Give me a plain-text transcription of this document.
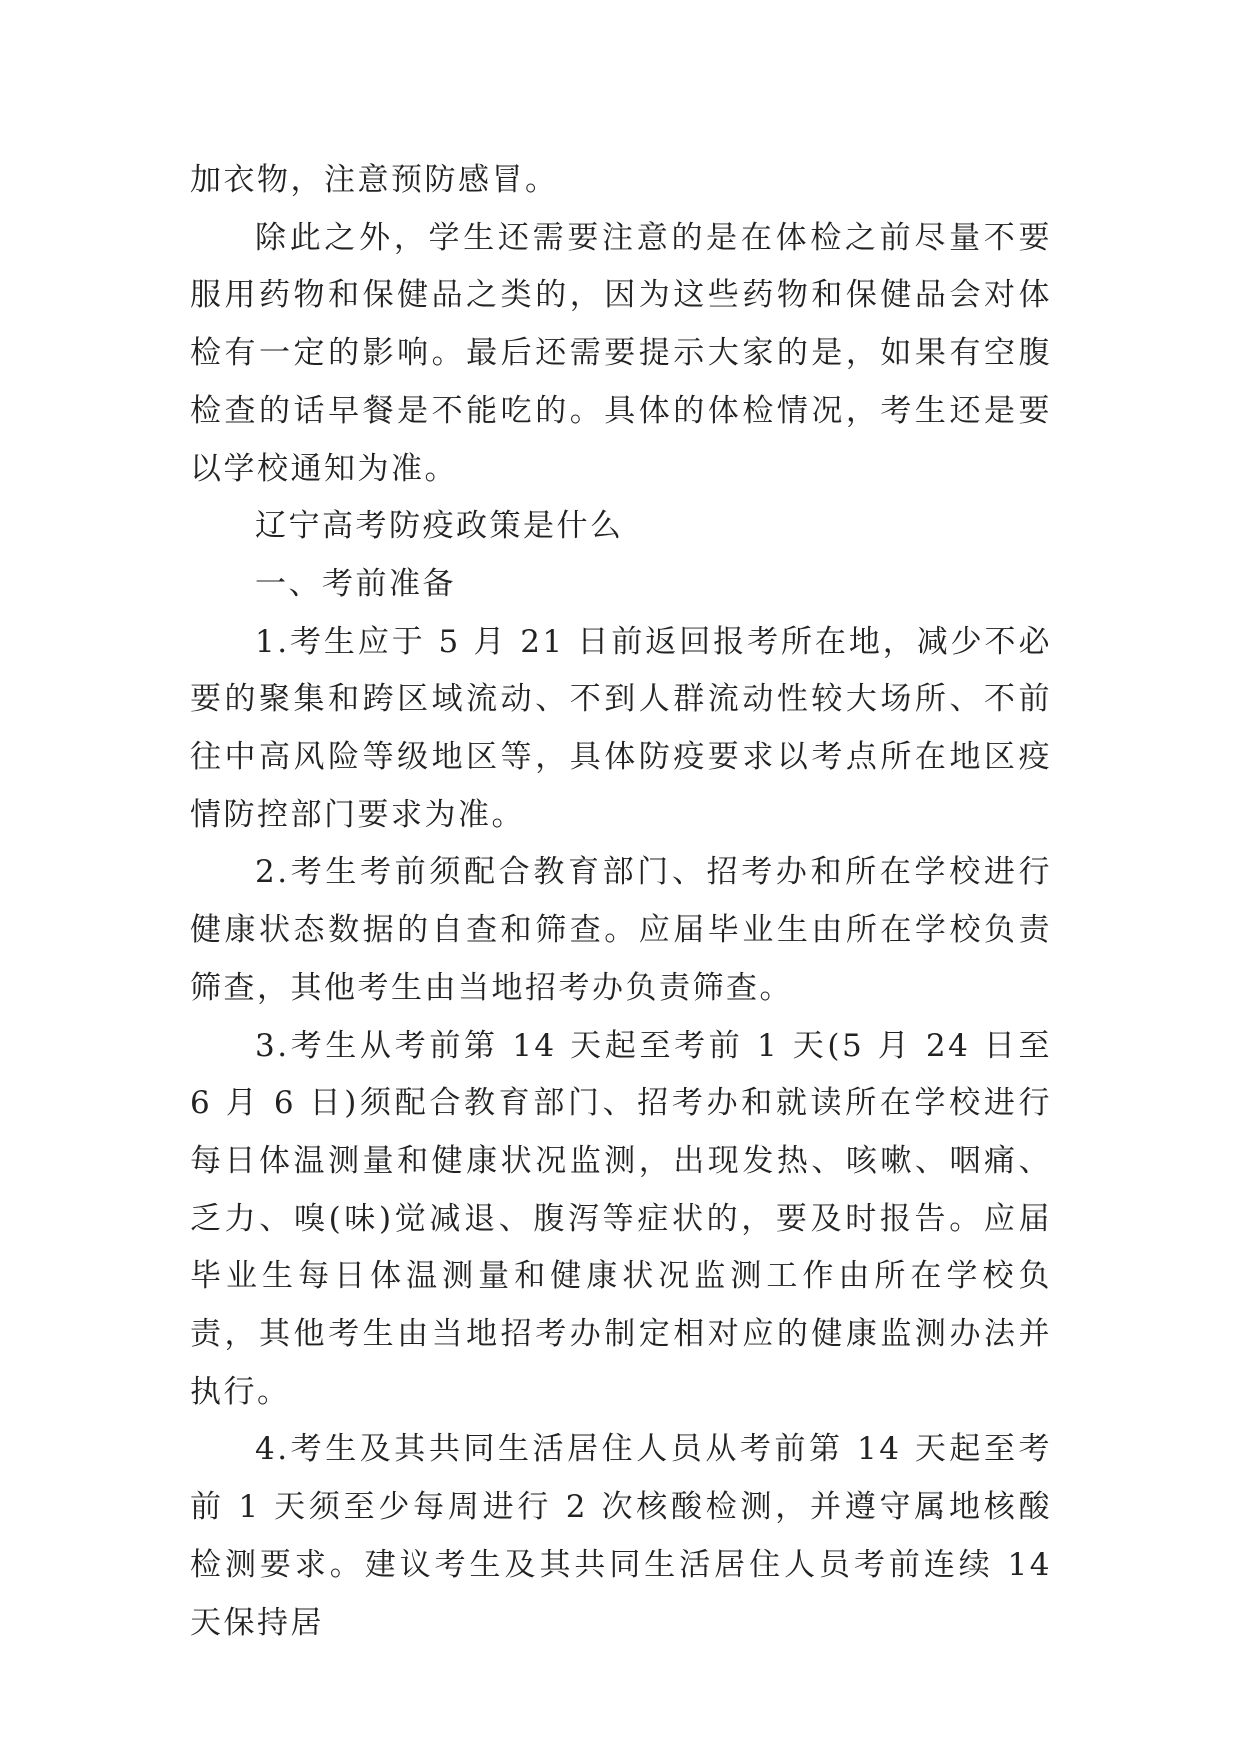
加衣物，注意预防感冒。

除此之外，学生还需要注意的是在体检之前尽量不要服用药物和保健品之类的，因为这些药物和保健品会对体检有一定的影响。最后还需要提示大家的是，如果有空腹检查的话早餐是不能吃的。具体的体检情况，考生还是要以学校通知为准。

辽宁高考防疫政策是什么

一、考前准备

1.考生应于 5 月 21 日前返回报考所在地，减少不必要的聚集和跨区域流动、不到人群流动性较大场所、不前往中高风险等级地区等，具体防疫要求以考点所在地区疫情防控部门要求为准。

2.考生考前须配合教育部门、招考办和所在学校进行健康状态数据的自查和筛查。应届毕业生由所在学校负责筛查，其他考生由当地招考办负责筛查。

3.考生从考前第 14 天起至考前 1 天(5 月 24 日至 6 月 6 日)须配合教育部门、招考办和就读所在学校进行每日体温测量和健康状况监测，出现发热、咳嗽、咽痛、乏力、嗅(味)觉减退、腹泻等症状的，要及时报告。应届毕业生每日体温测量和健康状况监测工作由所在学校负责，其他考生由当地招考办制定相对应的健康监测办法并执行。

4.考生及其共同生活居住人员从考前第 14 天起至考前 1 天须至少每周进行 2 次核酸检测，并遵守属地核酸检测要求。建议考生及其共同生活居住人员考前连续 14 天保持居
